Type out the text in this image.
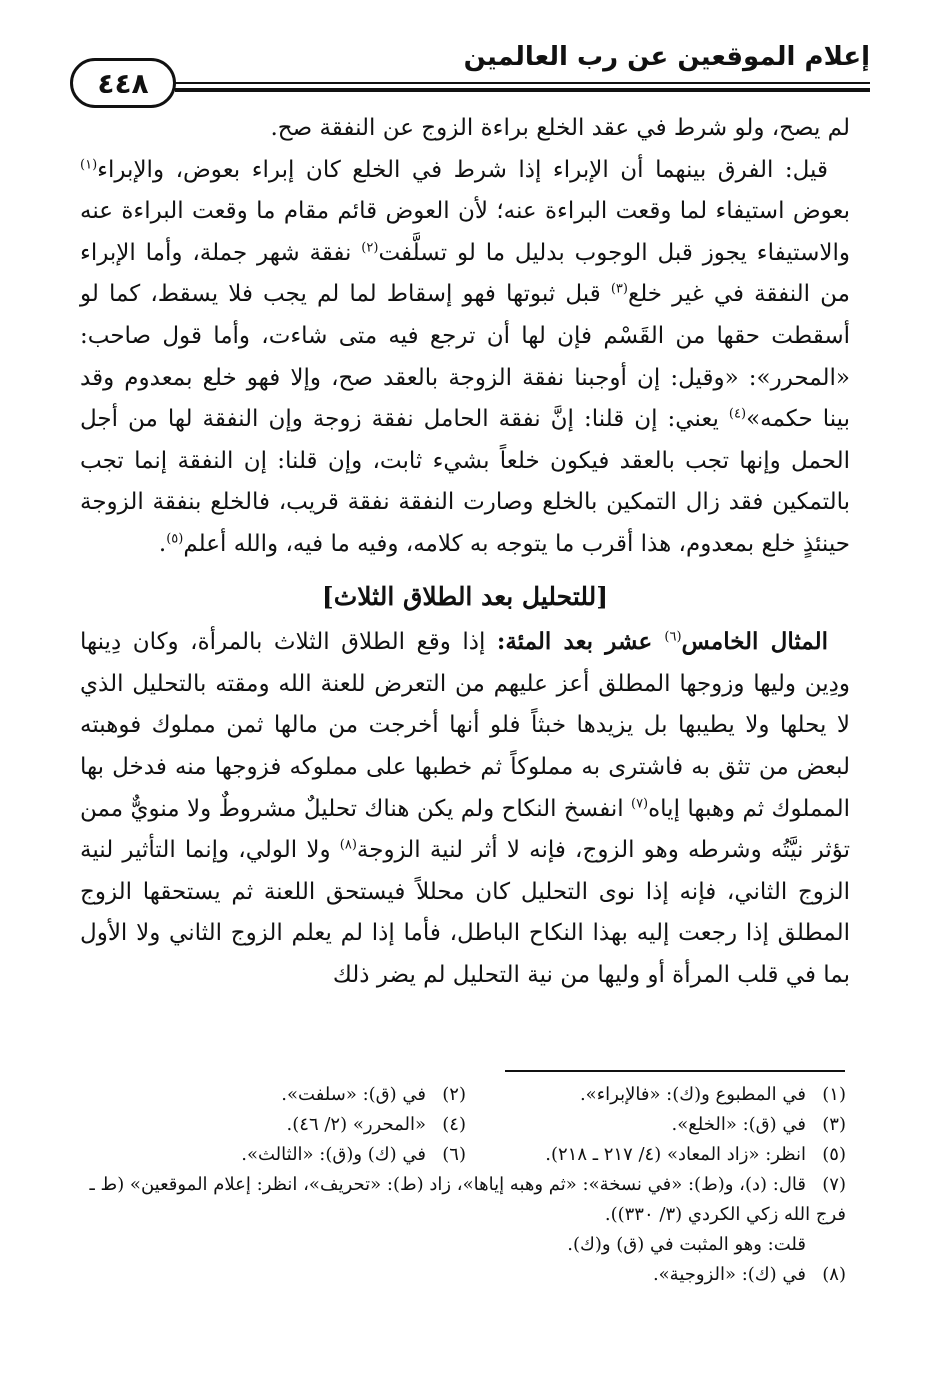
إعلام الموقعين عن رب العالمين
٤٤٨

لم يصح، ولو شرط في عقد الخلع براءة الزوج عن النفقة صح.

قيل: الفرق بينهما أن الإبراء إذا شرط في الخلع كان إبراء بعوض، والإبراء$^{(١)}$ بعوض استيفاء لما وقعت البراءة عنه؛ لأن العوض قائم مقام ما وقعت البراءة عنه والاستيفاء يجوز قبل الوجوب بدليل ما لو تسلَّفت$^{(٢)}$ نفقة شهر جملة، وأما الإبراء من النفقة في غير خلع$^{(٣)}$ قبل ثبوتها فهو إسقاط لما لم يجب فلا يسقط، كما لو أسقطت حقها من القَسْم فإن لها أن ترجع فيه متى شاءت، وأما قول صاحب: «المحرر»: «وقيل: إن أوجبنا نفقة الزوجة بالعقد صح، وإلا فهو خلع بمعدوم وقد بينا حكمه»$^{(٤)}$ يعني: إن قلنا: إنَّ نفقة الحامل نفقة زوجة وإن النفقة لها من أجل الحمل وإنها تجب بالعقد فيكون خلعاً بشيء ثابت، وإن قلنا: إن النفقة إنما تجب بالتمكين فقد زال التمكين بالخلع وصارت النفقة نفقة قريب، فالخلع بنفقة الزوجة حينئذٍ خلع بمعدوم، هذا أقرب ما يتوجه به كلامه، وفيه ما فيه، والله أعلم$^{(٥)}$.

[للتحليل بعد الطلاق الثلاث]

المثال الخامس$^{(٦)}$ عشر بعد المئة: إذا وقع الطلاق الثلاث بالمرأة، وكان دِينها ودِين وليها وزوجها المطلق أعز عليهم من التعرض للعنة الله ومقته بالتحليل الذي لا يحلها ولا يطيبها بل يزيدها خبثاً فلو أنها أخرجت من مالها ثمن مملوك فوهبته لبعض من تثق به فاشترى به مملوكاً ثم خطبها على مملوكه فزوجها منه فدخل بها المملوك ثم وهبها إياه$^{(٧)}$ انفسخ النكاح ولم يكن هناك تحليلٌ مشروطٌ ولا منويٌّ ممن تؤثر نيَّتُه وشرطه وهو الزوج، فإنه لا أثر لنية الزوجة$^{(٨)}$ ولا الولي، وإنما التأثير لنية الزوج الثاني، فإنه إذا نوى التحليل كان محللاً فيستحق اللعنة ثم يستحقها الزوج المطلق إذا رجعت إليه بهذا النكاح الباطل، فأما إذا لم يعلم الزوج الثاني ولا الأول بما في قلب المرأة أو وليها من نية التحليل لم يضر ذلك

(١)في المطبوع و(ك): «فالإبراء».
(٢)في (ق): «سلفت».
(٣)في (ق): «الخلع».
(٤)«المحرر» (٢/ ٤٦).
(٥)انظر: «زاد المعاد» (٤/ ٢١٧ ـ ٢١٨).
(٦)في (ك) و(ق): «الثالث».
(٧)قال: (د)، و(ط): «في نسخة»: «ثم وهبه إياها»، زاد (ط): «تحريف»، انظر: إعلام الموقعين» (ط ـ فرج الله زكي الكردي (٣/ ٣٣٠)).
قلت: وهو المثبت في (ق) و(ك).
(٨)في (ك): «الزوجية».
